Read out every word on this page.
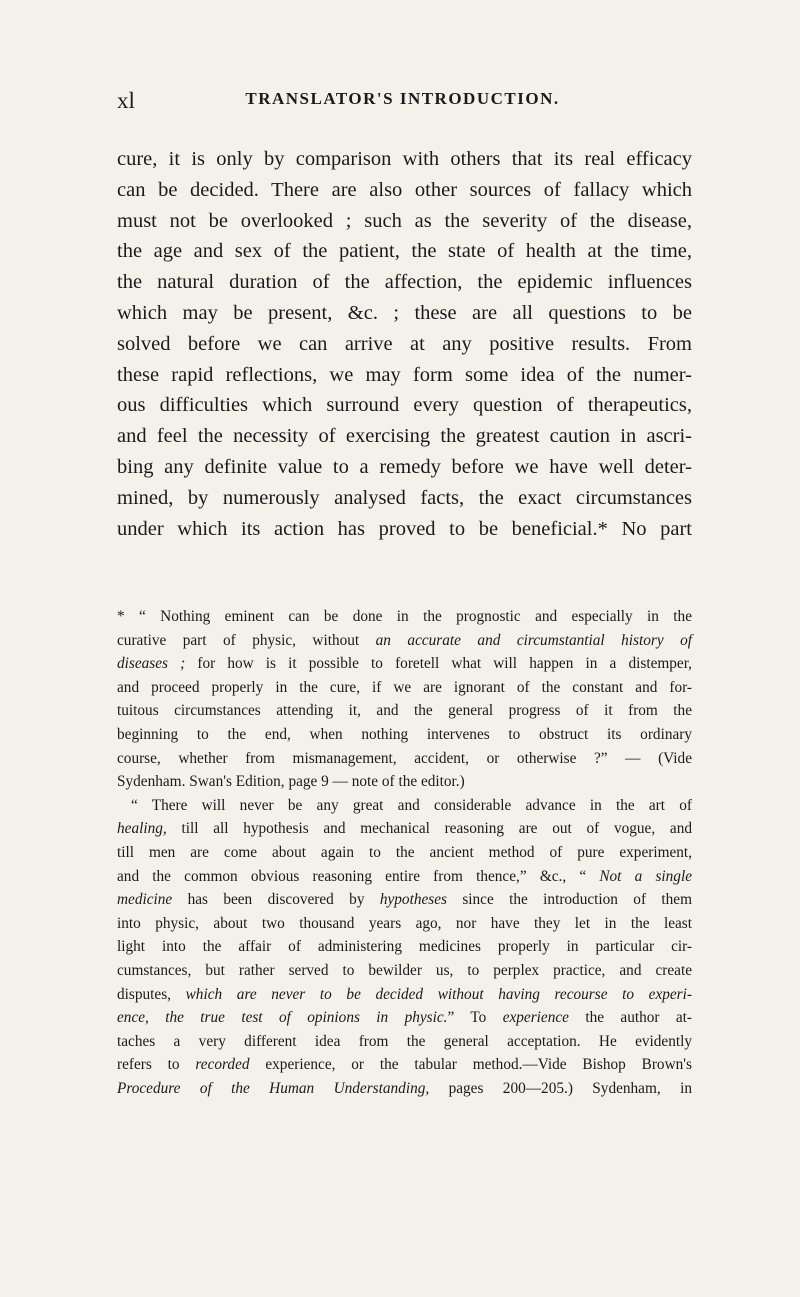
xl	TRANSLATOR'S INTRODUCTION.
cure, it is only by comparison with others that its real efficacy
can be decided. There are also other sources of fallacy which
must not be overlooked ; such as the severity of the disease,
the age and sex of the patient, the state of health at the time,
the natural duration of the affection, the epidemic influences
which may be present, &c. ; these are all questions to be
solved before we can arrive at any positive results. From
these rapid reflections, we may form some idea of the numer-
ous difficulties which surround every question of therapeutics,
and feel the necessity of exercising the greatest caution in ascri-
bing any definite value to a remedy before we have well deter-
mined, by numerously analysed facts, the exact circumstances
under which its action has proved to be beneficial.* No part
* “ Nothing eminent can be done in the prognostic and especially in the
curative part of physic, without an accurate and circumstantial history of
diseases ; for how is it possible to foretell what will happen in a distemper,
and proceed properly in the cure, if we are ignorant of the constant and for-
tuitous circumstances attending it, and the general progress of it from the
beginning to the end, when nothing intervenes to obstruct its ordinary
course, whether from mismanagement, accident, or otherwise ?” — (Vide
Sydenham. Swan's Edition, page 9 — note of the editor.)
“ There will never be any great and considerable advance in the art of
healing, till all hypothesis and mechanical reasoning are out of vogue, and
till men are come about again to the ancient method of pure experiment,
and the common obvious reasoning entire from thence,” &c., “ Not a single
medicine has been discovered by hypotheses since the introduction of them
into physic, about two thousand years ago, nor have they let in the least
light into the affair of administering medicines properly in particular cir-
cumstances, but rather served to bewilder us, to perplex practice, and create
disputes, which are never to be decided without having recourse to experi-
ence, the true test of opinions in physic.” To experience the author at-
taches a very different idea from the general acceptation. He evidently
refers to recorded experience, or the tabular method.—Vide Bishop Brown's
Procedure of the Human Understanding, pages 200—205.) Sydenham, in
